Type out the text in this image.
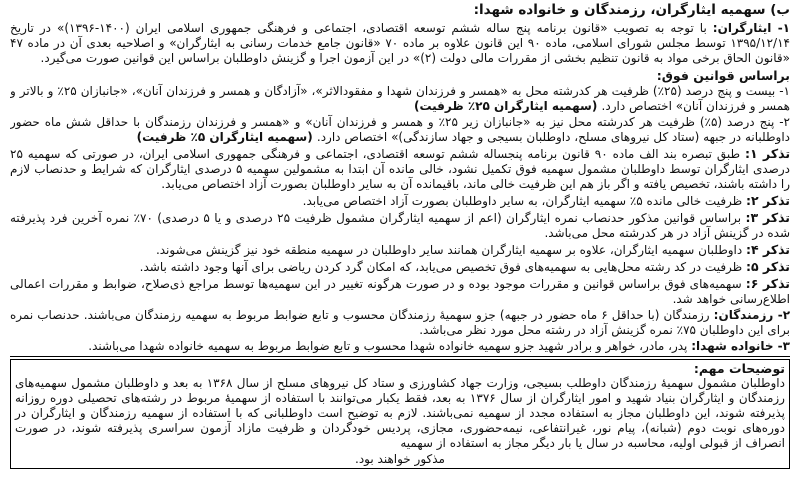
ب) سهمیه ایثارگران، رزمندگان و خانواده شهدا:

۱- ایثارگران: با توجه به تصویب «قانون برنامه پنج ساله ششم توسعه اقتصادی، اجتماعی و فرهنگی جمهوری اسلامی ایران (۱۴۰۰-۱۳۹۶)» در تاریخ ۱۳۹۵/۱۲/۱۴ توسط مجلس شورای اسلامی، ماده ۹۰ این قانون علاوه بر ماده ۷۰ «قانون جامع خدمات رسانی به ایثارگران» و اصلاحیه بعدی آن در ماده ۴۷ «قانون الحاق برخی مواد به قانون تنظیم بخشی از مقررات مالی دولت (۲)» در این آزمون اجرا و گزینش داوطلبان براساس این قوانین صورت می‌گیرد.

براساس قوانین فوق:

۱- بیست و پنج درصد (۲۵٪) ظرفیت هر کدرشته محل به «همسر و فرزندان شهدا و مفقودالاثر»، «آزادگان و همسر و فرزندان آنان»، «جانبازان ۲۵٪ و بالاتر و همسر و فرزندان آنان» اختصاص دارد. (سهمیه ایثارگران ۲۵٪ ظرفیت)

۲- پنج درصد (۵٪) ظرفیت هر کدرشته محل نیز به «جانبازان زیر ۲۵٪ و همسر و فرزندان آنان» و «همسر و فرزندان رزمندگان با حداقل شش ماه حضور داوطلبانه در جبهه (ستاد کل نیروهای مسلح، داوطلبان بسیجی و جهاد سازندگی)» اختصاص دارد. (سهمیه ایثارگران ۵٪ ظرفیت)

تذکر ۱: طبق تبصره بند الف ماده ۹۰ قانون برنامه پنجساله ششم توسعه اقتصادی، اجتماعی و فرهنگی جمهوری اسلامی ایران، در صورتی که سهمیه ۲۵ درصدی ایثارگران توسط داوطلبان مشمول سهمیه فوق تکمیل نشود، خالی مانده آن ابتدا به مشمولین سهمیه ۵ درصدی ایثارگران که شرایط و حدنصاب لازم را داشته باشند، تخصیص یافته و اگر باز هم این ظرفیت خالی ماند، باقیمانده آن به سایر داوطلبان بصورت آزاد اختصاص می‌یابد.

تذکر ۲: ظرفیت خالی مانده ۵٪ سهمیه ایثارگران، به سایر داوطلبان بصورت آزاد اختصاص می‌یابد.

تذکر ۳: براساس قوانین مذکور حدنصاب نمره ایثارگران (اعم از سهمیه ایثارگران مشمول ظرفیت ۲۵ درصدی و یا ۵ درصدی) ۷۰٪ نمره آخرین فرد پذیرفته شده در گزینش آزاد در هر کدرشته محل می‌باشد.

تذکر ۴: داوطلبان سهمیه ایثارگران، علاوه بر سهمیه ایثارگران همانند سایر داوطلبان در سهمیه منطقه خود نیز گزینش می‌شوند.

تذکر ۵: ظرفیت در کد رشته محل‌هایی به سهمیه‌های فوق تخصیص می‌یابد، که امکان گرد کردن ریاضی برای آنها وجود داشته باشد.

تذکر ۶: سهمیه‌های فوق براساس قوانین و مقررات موجود بوده و در صورت هرگونه تغییر در این سهمیه‌ها توسط مراجع ذی‌صلاح، ضوابط و مقررات اعمالی اطلاع‌رسانی خواهد شد.

۲- رزمندگان: رزمندگان (با حداقل ۶ ماه حضور در جبهه) جزو سهمیهٔ رزمندگان محسوب و تابع ضوابط مربوط به سهمیه رزمندگان می‌باشند. حدنصاب نمره برای این داوطلبان ۷۵٪ نمره گزینش آزاد در رشته محل مورد نظر می‌باشد.

۳- خانواده شهدا: پدر، مادر، خواهر و برادر شهید جزو سهمیه خانواده شهدا محسوب و تابع ضوابط مربوط به سهمیه خانواده شهدا می‌باشند.

توضیحات مهم:

داوطلبان مشمول سهمیهٔ رزمندگان داوطلب بسیجی، وزارت جهاد کشاورزی و ستاد کل نیروهای مسلح از سال ۱۳۶۸ به بعد و داوطلبان مشمول سهمیه‌های رزمندگان و ایثارگران بنیاد شهید و امور ایثارگران از سال ۱۳۷۶ به بعد، فقط یکبار می‌توانند با استفاده از سهمیهٔ مربوط در رشته‌های تحصیلی دوره روزانه پذیرفته شوند، این داوطلبان مجاز به استفاده مجدد از سهمیه نمی‌باشند. لازم به توضیح است داوطلبانی که با استفاده از سهمیه رزمندگان و ایثارگران در دوره‌های نوبت دوم (شبانه)، پیام نور، غیرانتفاعی، نیمه‌حضوری، مجازی، پردیس خودگردان و ظرفیت مازاد آزمون سراسری پذیرفته شوند، در صورت انصراف از قبولی اولیه، محاسبه در سال یا بار دیگر مجاز به استفاده از سهمیه

مذکور خواهند بود.
